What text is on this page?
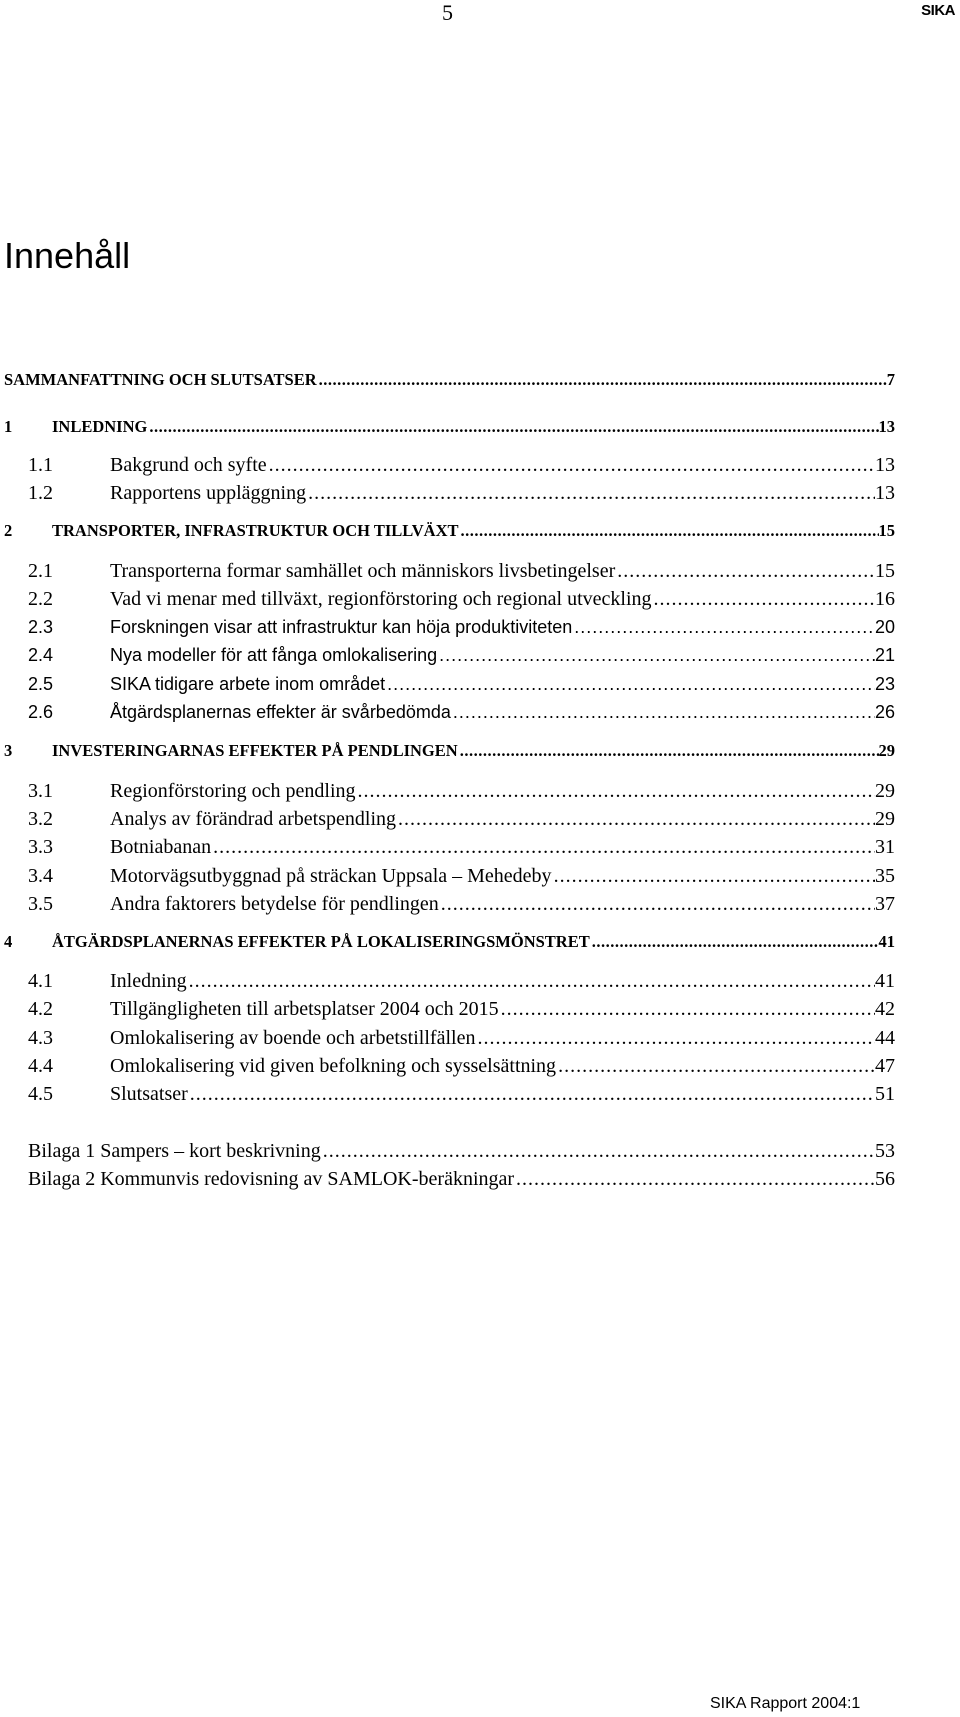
5	SIKA
Innehåll
SAMMANFATTNING OCH SLUTSATSER .....	7
1	INLEDNING .....	13
1.1	Bakgrund och syfte .....	13
1.2	Rapportens uppläggning .....	13
2	TRANSPORTER, INFRASTRUKTUR OCH TILLVÄXT .....	15
2.1	Transporterna formar samhället och människors livsbetingelser .....	15
2.2	Vad vi menar med tillväxt, regionförstoring och regional utveckling .....	16
2.3	Forskningen visar att infrastruktur kan höja produktiviteten .....	20
2.4	Nya modeller för att fånga omlokalisering .....	21
2.5	SIKA tidigare arbete inom området .....	23
2.6	Åtgärdsplanernas effekter är svårbedömda .....	26
3	INVESTERINGARNAS EFFEKTER PÅ PENDLINGEN .....	29
3.1	Regionförstoring och pendling .....	29
3.2	Analys av förändrad arbetspendling .....	29
3.3	Botniabanan .....	31
3.4	Motorvägsutbyggnad på sträckan Uppsala – Mehedeby .....	35
3.5	Andra faktorers betydelse för pendlingen .....	37
4	ÅTGÄRDSPLANERNAS EFFEKTER PÅ LOKALISERINGSMÖNSTRET .....	41
4.1	Inledning .....	41
4.2	Tillgängligheten till arbetsplatser 2004 och 2015 .....	42
4.3	Omlokalisering av boende och arbetstillfällen .....	44
4.4	Omlokalisering vid given befolkning och sysselsättning .....	47
4.5	Slutsatser .....	51
Bilaga 1 Sampers – kort beskrivning .....	53
Bilaga 2 Kommunvis redovisning av SAMLOK-beräkningar .....	56
SIKA Rapport 2004:1
